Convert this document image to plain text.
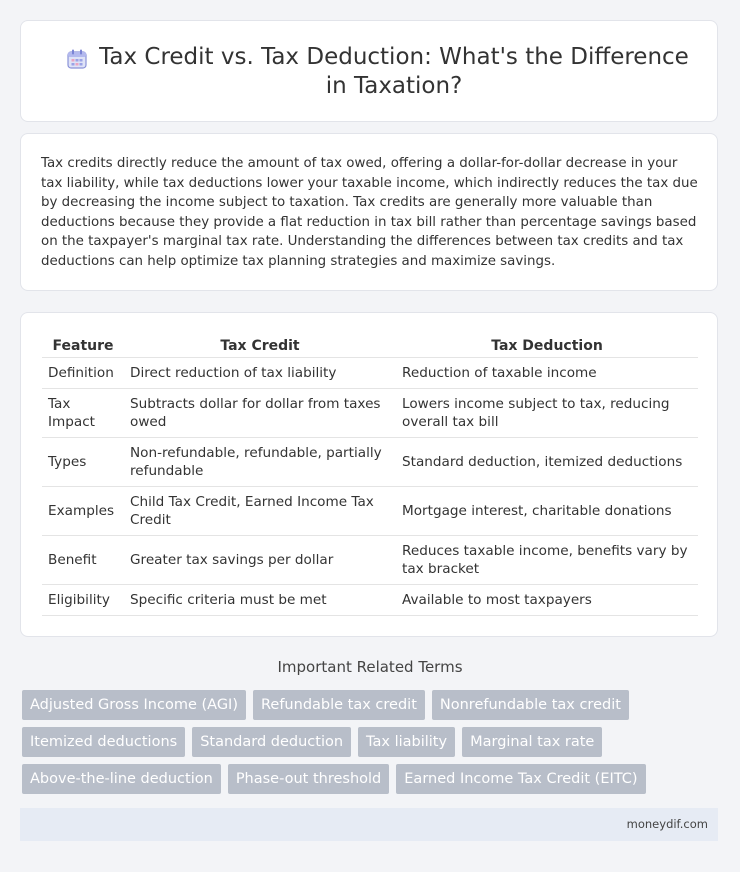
Tax Credit vs. Tax Deduction: What's the Difference in Taxation?

Tax credits directly reduce the amount of tax owed, offering a dollar-for-dollar decrease in your tax liability, while tax deductions lower your taxable income, which indirectly reduces the tax due by decreasing the income subject to taxation. Tax credits are generally more valuable than deductions because they provide a flat reduction in tax bill rather than percentage savings based on the taxpayer's marginal tax rate. Understanding the differences between tax credits and tax deductions can help optimize tax planning strategies and maximize savings.

Feature	Tax Credit	Tax Deduction
Definition	Direct reduction of tax liability	Reduction of taxable income
Tax Impact	Subtracts dollar for dollar from taxes owed	Lowers income subject to tax, reducing overall tax bill
Types	Non-refundable, refundable, partially refundable	Standard deduction, itemized deductions
Examples	Child Tax Credit, Earned Income Tax Credit	Mortgage interest, charitable donations
Benefit	Greater tax savings per dollar	Reduces taxable income, benefits vary by tax bracket
Eligibility	Specific criteria must be met	Available to most taxpayers
Important Related Terms
Adjusted Gross Income (AGI)	Refundable tax credit	Nonrefundable tax credit
Itemized deductions	Standard deduction	Tax liability	Marginal tax rate
Above-the-line deduction	Phase-out threshold	Earned Income Tax Credit (EITC)
moneydif.com
